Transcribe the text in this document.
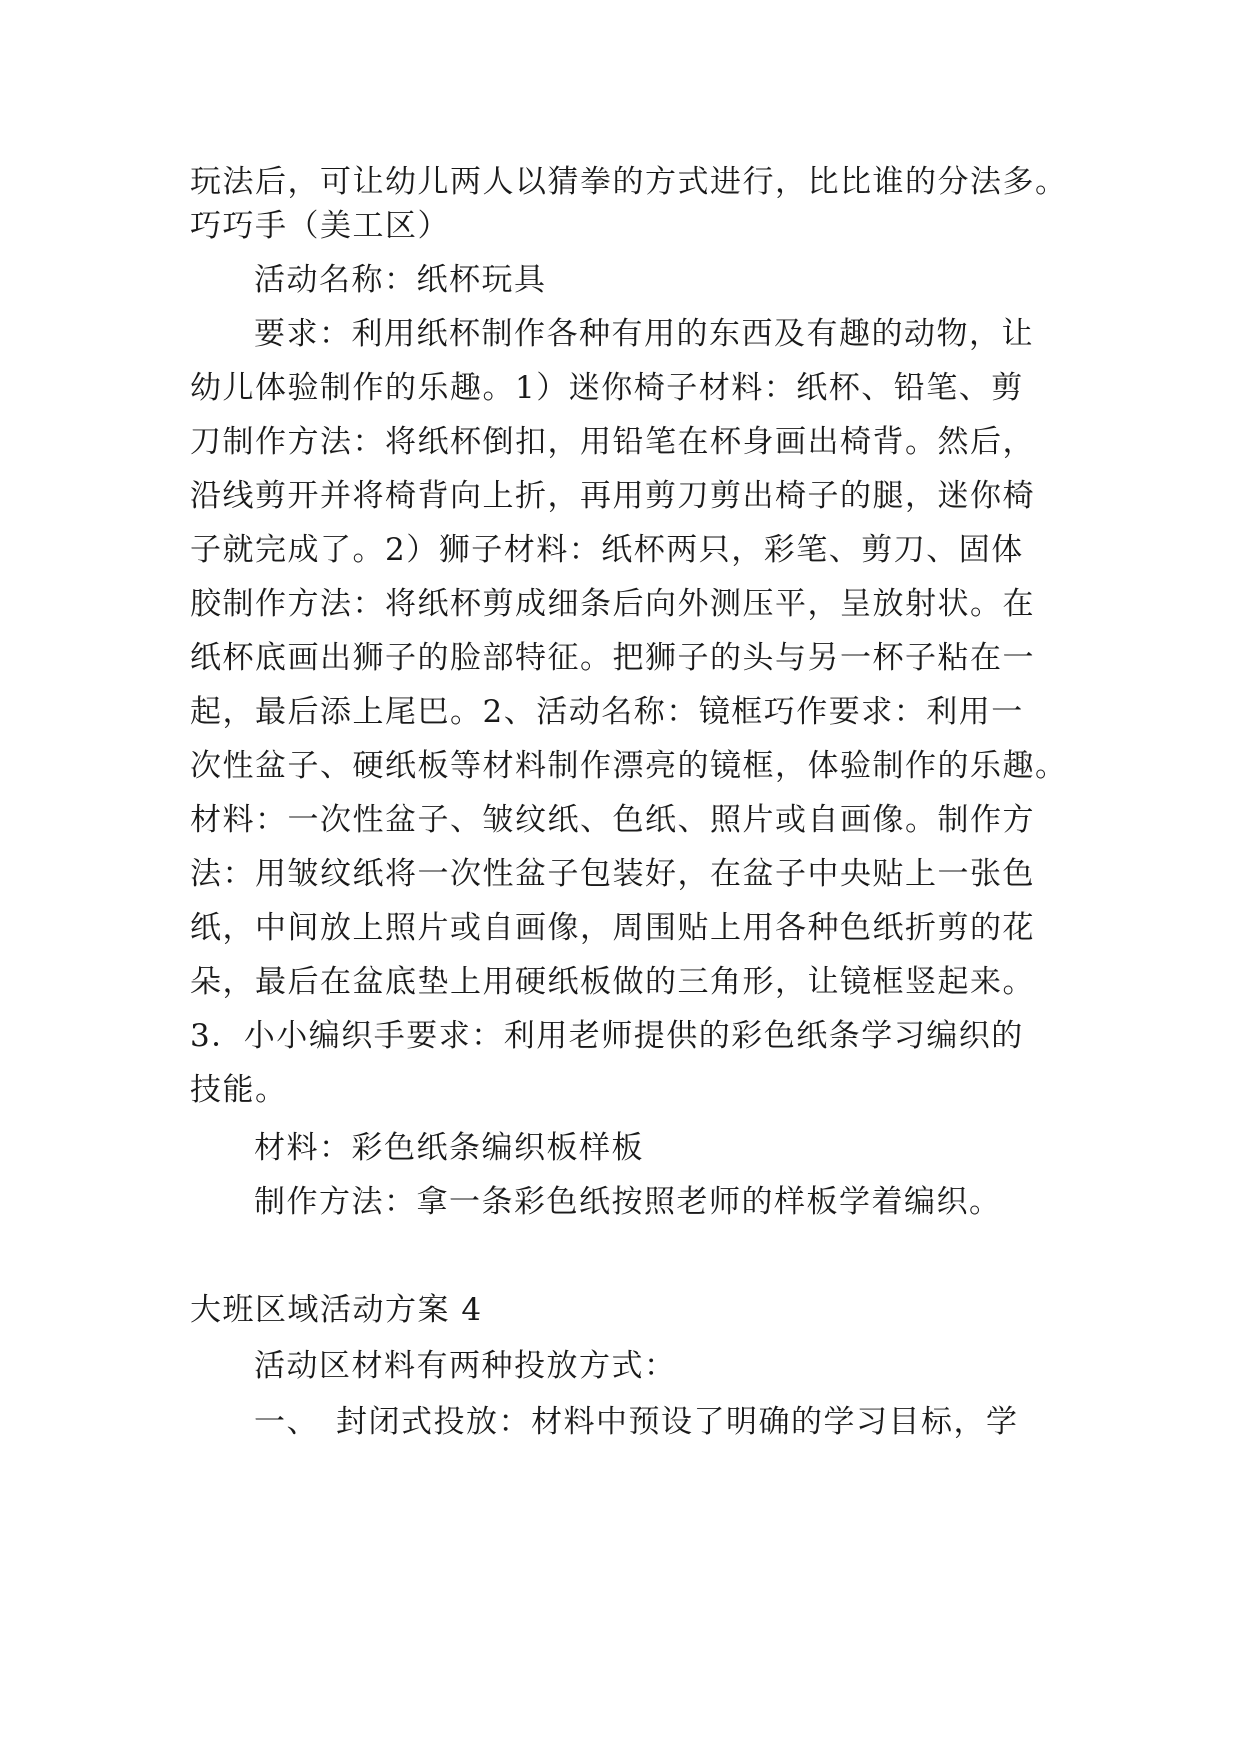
玩法后，可让幼儿两人以猜拳的方式进行，比比谁的分法多。
巧巧手（美工区）
活动名称：纸杯玩具
要求：利用纸杯制作各种有用的东西及有趣的动物，让
幼儿体验制作的乐趣。1）迷你椅子材料：纸杯、铅笔、剪
刀制作方法：将纸杯倒扣，用铅笔在杯身画出椅背。然后，
沿线剪开并将椅背向上折，再用剪刀剪出椅子的腿，迷你椅
子就完成了。2）狮子材料：纸杯两只，彩笔、剪刀、固体
胶制作方法：将纸杯剪成细条后向外测压平，呈放射状。在
纸杯底画出狮子的脸部特征。把狮子的头与另一杯子粘在一
起，最后添上尾巴。2、活动名称：镜框巧作要求：利用一
次性盆子、硬纸板等材料制作漂亮的镜框，体验制作的乐趣。
材料：一次性盆子、皱纹纸、色纸、照片或自画像。制作方
法：用皱纹纸将一次性盆子包装好，在盆子中央贴上一张色
纸，中间放上照片或自画像，周围贴上用各种色纸折剪的花
朵，最后在盆底垫上用硬纸板做的三角形，让镜框竖起来。
3．小小编织手要求：利用老师提供的彩色纸条学习编织的
技能。
材料：彩色纸条编织板样板
制作方法：拿一条彩色纸按照老师的样板学着编织。
大班区域活动方案 4
活动区材料有两种投放方式：
一、　封闭式投放：材料中预设了明确的学习目标，学
